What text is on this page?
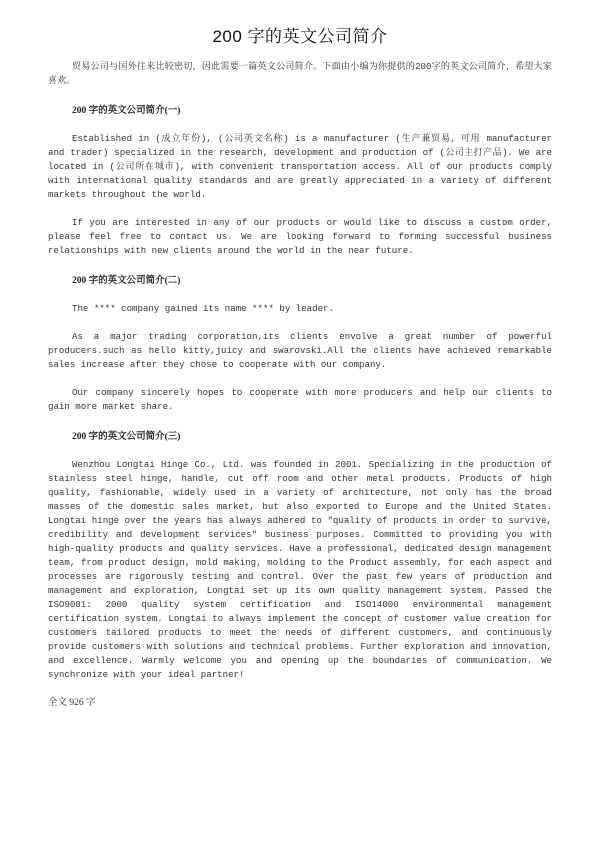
200 字的英文公司简介

贸易公司与国外往来比较密切，因此需要一篇英文公司简介。下面由小编为你提供的200字的英文公司简介，希望大家喜欢。

200 字的英文公司简介(一)

Established in (成立年份), (公司英文名称) is a manufacturer (生产兼贸易，可用 manufacturer and trader) specialized in the research, development and production of (公司主打产品). We are located in (公司所在城市), with convenient transportation access. All of our products comply with international quality standards and are greatly appreciated in a variety of different markets throughout the world.

If you are interested in any of our products or would like to discuss a custom order, please feel free to contact us. We are looking forward to forming successful business relationships with new clients around the world in the near future.

200 字的英文公司简介(二)

The **** company gained its name **** by leader.

As a major trading corporation,its clients envolve a great number of powerful producers.such as hello kitty,juicy and swarovski.All the clients have achieved remarkable sales increase after they chose to cooperate with our company.

Our company sincerely hopes to cooperate with more producers and help our clients to gain more market share.

200 字的英文公司简介(三)

Wenzhou Longtai Hinge Co., Ltd. was founded in 2001. Specializing in the production of stainless steel hinge, handle, cut off room and other metal products. Products of high quality, fashionable, widely used in a variety of architecture, not only has the broad masses of the domestic sales market, but also exported to Europe and the United States. Longtai hinge over the years has always adhered to "quality of products in order to survive, credibility and development services" business purposes. Committed to providing you with high-quality products and quality services. Have a professional, dedicated design management team, from product design, mold making, molding to the Product assembly, for each aspect and processes are rigorously testing and control. Over the past few years of production and management and exploration, Longtai set up its own quality management system. Passed the ISO9001: 2000 quality system certification and ISO14000 environmental management certification system. Longtai to always implement the concept of customer value creation for customers tailored products to meet the needs of different customers, and continuously provide customers with solutions and technical problems. Further exploration and innovation, and excellence. Warmly welcome you and opening up the boundaries of communication. We synchronize with your ideal partner!

全文 926 字
